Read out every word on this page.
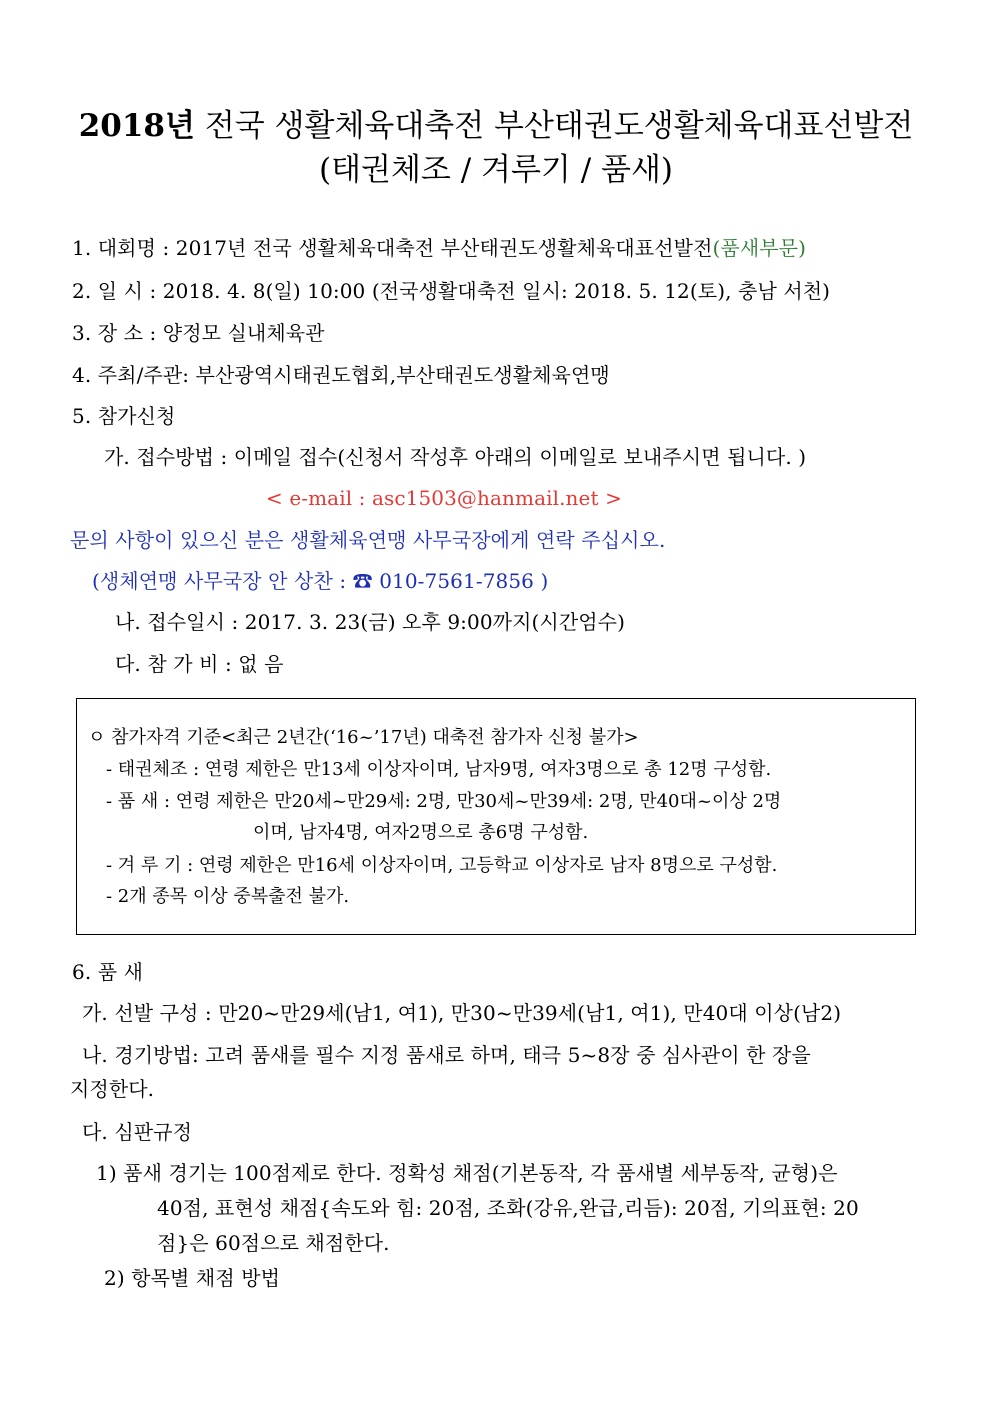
2018년 전국 생활체육대축전 부산태권도생활체육대표선발전
(태권체조 / 겨루기 / 품새)
1. 대회명 : 2017년 전국 생활체육대축전 부산태권도생활체육대표선발전(품새부문)
2. 일 시 : 2018. 4. 8(일) 10:00 (전국생활대축전 일시: 2018. 5. 12(토), 충남 서천)
3. 장 소 : 양정모 실내체육관
4. 주최/주관: 부산광역시태권도협회,부산태권도생활체육연맹
5. 참가신청
가. 접수방법 : 이메일 접수(신청서 작성후 아래의 이메일로 보내주시면 됩니다. )
< e-mail : asc1503@hanmail.net >
문의 사항이 있으신 분은 생활체육연맹 사무국장에게 연락 주십시오.
(생체연맹 사무국장 안 상찬 : ☎ 010-7561-7856 )
나. 접수일시 : 2017. 3. 23(금) 오후 9:00까지(시간엄수)
다. 참 가 비 : 없 음
ㅇ 참가자격 기준<최근 2년간(‘16~’17년) 대축전 참가자 신청 불가>
- 태권체조 : 연령 제한은 만13세 이상자이며, 남자9명, 여자3명으로 총 12명 구성함.
- 품 새 : 연령 제한은 만20세~만29세: 2명, 만30세~만39세: 2명, 만40대~이상 2명
이며, 남자4명, 여자2명으로 총6명 구성함.
- 겨 루 기 : 연령 제한은 만16세 이상자이며, 고등학교 이상자로 남자 8명으로 구성함.
- 2개 종목 이상 중복출전 불가.
6. 품 새
가. 선발 구성 : 만20~만29세(남1, 여1), 만30~만39세(남1, 여1), 만40대 이상(남2)
나. 경기방법: 고려 품새를 필수 지정 품새로 하며, 태극 5~8장 중 심사관이 한 장을
지정한다.
다. 심판규정
1) 품새 경기는 100점제로 한다. 정확성 채점(기본동작, 각 품새별 세부동작, 균형)은
40점, 표현성 채점{속도와 힘: 20점, 조화(강유,완급,리듬): 20점, 기의표현: 20
점}은 60점으로 채점한다.
2) 항목별 채점 방법
